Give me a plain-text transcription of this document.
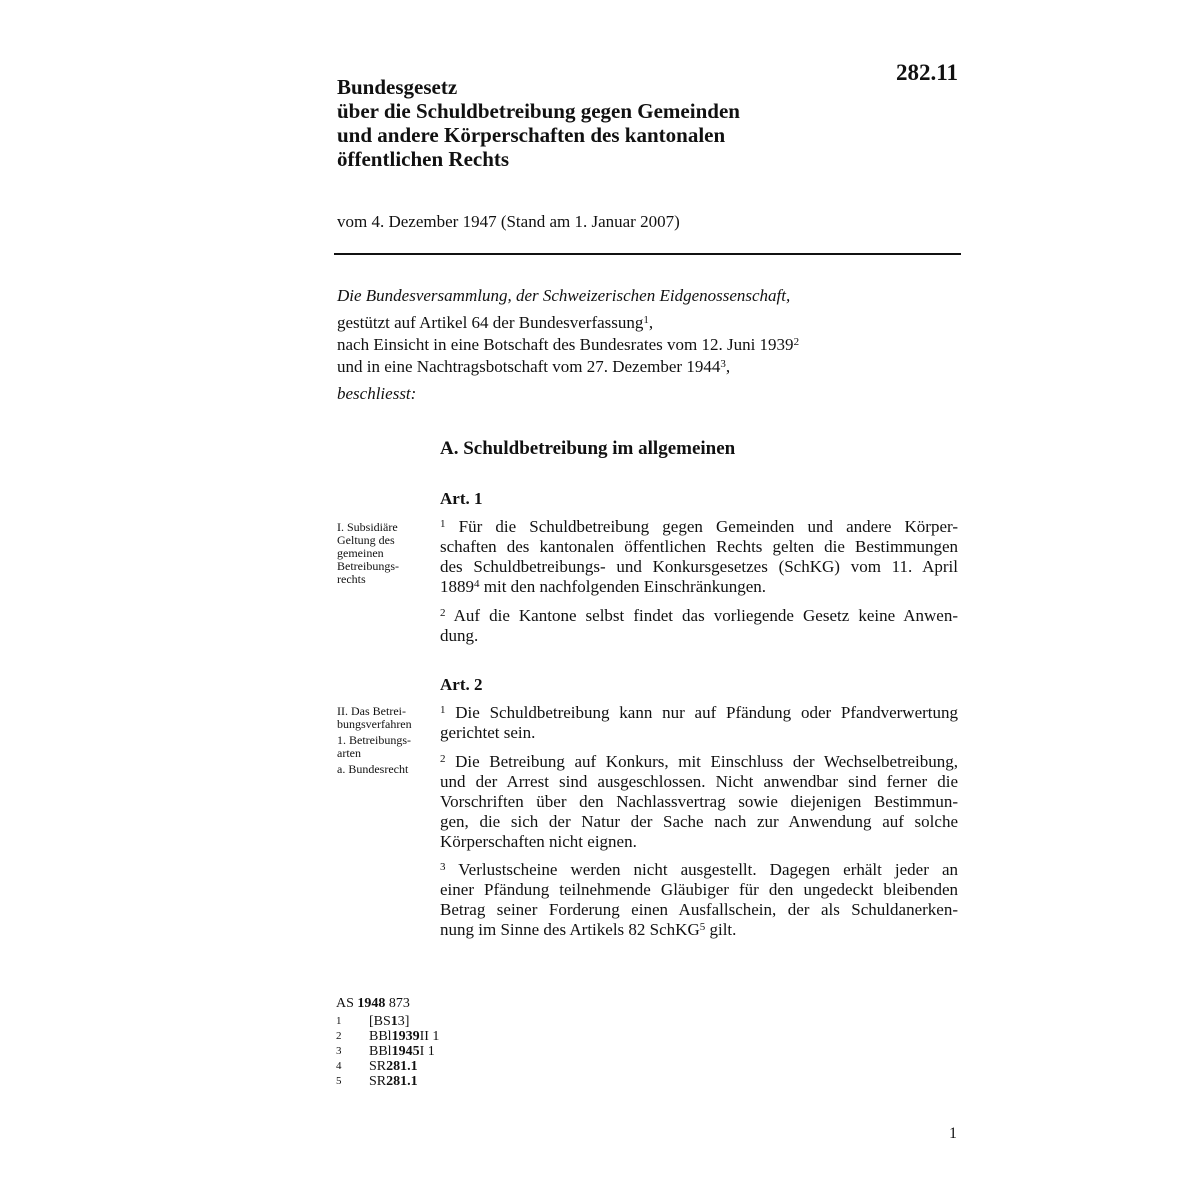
282.11
Bundesgesetz
über die Schuldbetreibung gegen Gemeinden
und andere Körperschaften des kantonalen
öffentlichen Rechts
vom 4. Dezember 1947 (Stand am 1. Januar 2007)
Die Bundesversammlung, der Schweizerischen Eidgenossenschaft,
gestützt auf Artikel 64 der Bundesverfassung$^1$,
nach Einsicht in eine Botschaft des Bundesrates vom 12. Juni 1939$^2$
und in eine Nachtragsbotschaft vom 27. Dezember 1944$^3$,
beschliesst:
A. Schuldbetreibung im allgemeinen
Art. 1
I. Subsidiäre
Geltung des
gemeinen
Betreibungs-
rechts
$^1$ Für die Schuldbetreibung gegen Gemeinden und andere Körper-
schaften des kantonalen öffentlichen Rechts gelten die Bestimmungen
des Schuldbetreibungs- und Konkursgesetzes (SchKG) vom 11. April
1889$^4$ mit den nachfolgenden Einschränkungen.
$^2$ Auf die Kantone selbst findet das vorliegende Gesetz keine Anwen-
dung.
Art. 2
II. Das Betrei-
bungsverfahren
1. Betreibungs-
arten
a. Bundesrecht
$^1$ Die Schuldbetreibung kann nur auf Pfändung oder Pfandverwertung
gerichtet sein.
$^2$ Die Betreibung auf Konkurs, mit Einschluss der Wechselbetreibung,
und der Arrest sind ausgeschlossen. Nicht anwendbar sind ferner die
Vorschriften über den Nachlassvertrag sowie diejenigen Bestimmun-
gen, die sich der Natur der Sache nach zur Anwendung auf solche
Körperschaften nicht eignen.
$^3$ Verlustscheine werden nicht ausgestellt. Dagegen erhält jeder an
einer Pfändung teilnehmende Gläubiger für den ungedeckt bleibenden
Betrag seiner Forderung einen Ausfallschein, der als Schuldanerken-
nung im Sinne des Artikels 82 SchKG$^5$ gilt.
AS 1948 873
1	[BS 1 3]
2	BBl 1939 II 1
3	BBl 1945 I 1
4	SR 281.1
5	SR 281.1
1
